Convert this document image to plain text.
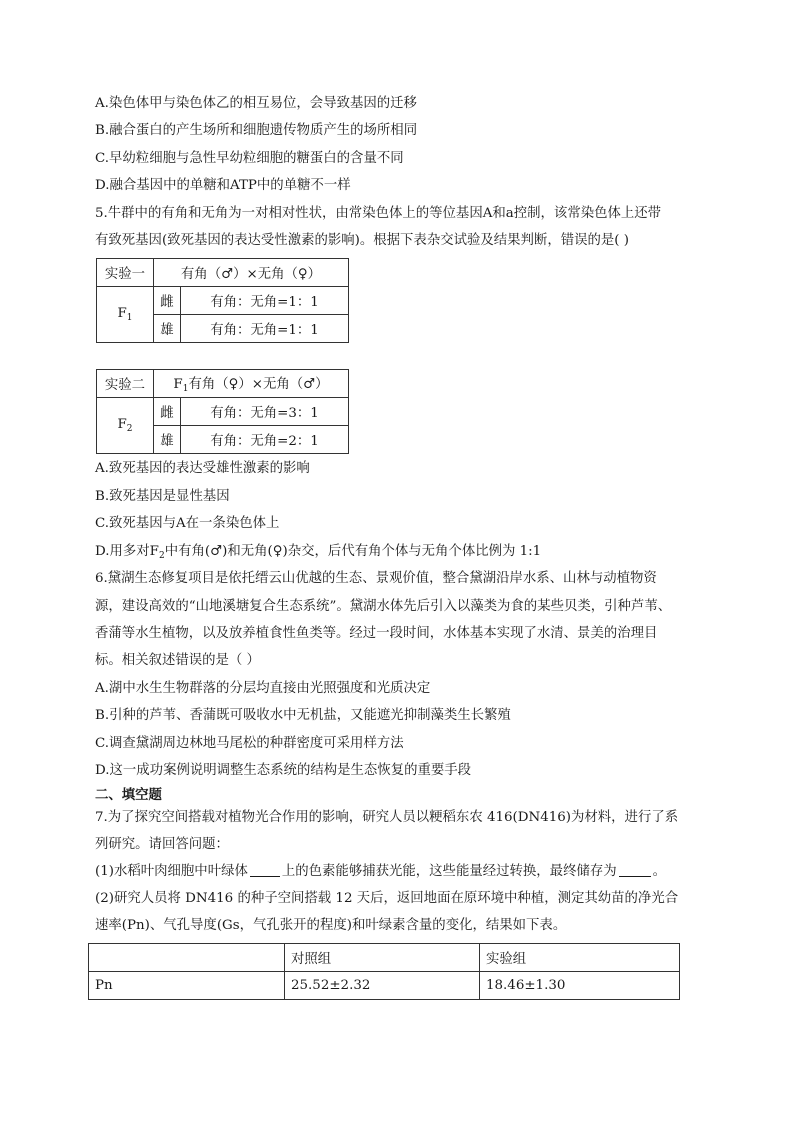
A.染色体甲与染色体乙的相互易位，会导致基因的迁移
B.融合蛋白的产生场所和细胞遗传物质产生的场所相同
C.早幼粒细胞与急性早幼粒细胞的糖蛋白的含量不同
D.融合基因中的单糖和ATP中的单糖不一样
5.牛群中的有角和无角为一对相对性状，由常染色体上的等位基因A和a控制，该常染色体上还带
有致死基因(致死基因的表达受性激素的影响)。根据下表杂交试验及结果判断，错误的是( )
实验一	有角（♂）×无角（♀）	
$F_1$	雌	有角：无角=1：1
	雄	有角：无角=1：1
实验二	$F_1$有角（♀）×无角（♂）	
$F_2$	雌	有角：无角=3：1
	雄	有角：无角=2：1
A.致死基因的表达受雄性激素的影响
B.致死基因是显性基因
C.致死基因与A在一条染色体上
D.用多对$F_2$中有角(♂)和无角(♀)杂交，后代有角个体与无角个体比例为 1:1
6.黛湖生态修复项目是依托缙云山优越的生态、景观价值，整合黛湖沿岸水系、山林与动植物资
源，建设高效的“山地溪塘复合生态系统”。黛湖水体先后引入以藻类为食的某些贝类，引种芦苇、
香蒲等水生植物，以及放养植食性鱼类等。经过一段时间，水体基本实现了水清、景美的治理目
标。相关叙述错误的是（ ）
A.湖中水生生物群落的分层均直接由光照强度和光质决定
B.引种的芦苇、香蒲既可吸收水中无机盐，又能遮光抑制藻类生长繁殖
C.调查黛湖周边林地马尾松的种群密度可采用样方法
D.这一成功案例说明调整生态系统的结构是生态恢复的重要手段
二、填空题
7.为了探究空间搭载对植物光合作用的影响，研究人员以粳稻东农 416(DN416)为材料，进行了系
列研究。请回答问题：
(1)水稻叶肉细胞中叶绿体	上的色素能够捕获光能，这些能量经过转换，最终储存为	。
(2)研究人员将 DN416 的种子空间搭载 12 天后，返回地面在原环境中种植，测定其幼苗的净光合
速率(Pn)、气孔导度(Gs，气孔张开的程度)和叶绿素含量的变化，结果如下表。
	对照组	实验组
Pn	25.52±2.32	18.46±1.30
